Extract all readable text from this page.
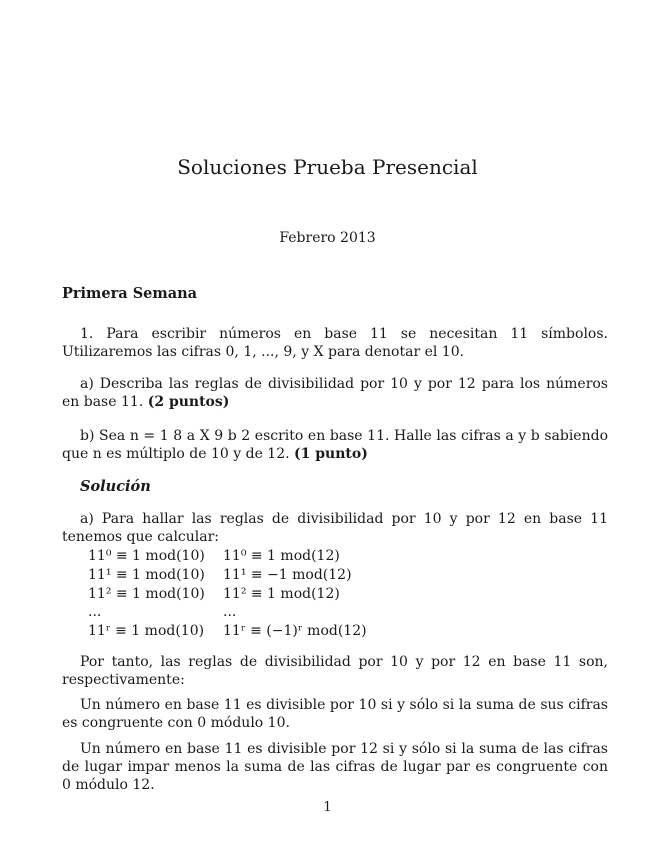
Soluciones Prueba Presencial
Febrero 2013
Primera Semana
1. Para escribir números en base 11 se necesitan 11 símbolos. Utilizaremos las cifras 0, 1, ..., 9, y X para denotar el 10.
a) Describa las reglas de divisibilidad por 10 y por 12 para los números en base 11. (2 puntos)
b) Sea n = 1 8 a X 9 b 2 escrito en base 11. Halle las cifras a y b sabiendo que n es múltiplo de 10 y de 12. (1 punto)
Solución
a) Para hallar las reglas de divisibilidad por 10 y por 12 en base 11 tenemos que calcular:
11⁰ ≡ 1 mod(10) 11⁰ ≡ 1 mod(12)
11¹ ≡ 1 mod(10) 11¹ ≡ −1 mod(12)
11² ≡ 1 mod(10) 11² ≡ 1 mod(12)
...	...
11ʳ ≡ 1 mod(10) 11ʳ ≡ (−1)ʳ mod(12)
Por tanto, las reglas de divisibilidad por 10 y por 12 en base 11 son, respectivamente:
Un número en base 11 es divisible por 10 si y sólo si la suma de sus cifras es congruente con 0 módulo 10.
Un número en base 11 es divisible por 12 si y sólo si la suma de las cifras de lugar impar menos la suma de las cifras de lugar par es congruente con 0 módulo 12.
1
